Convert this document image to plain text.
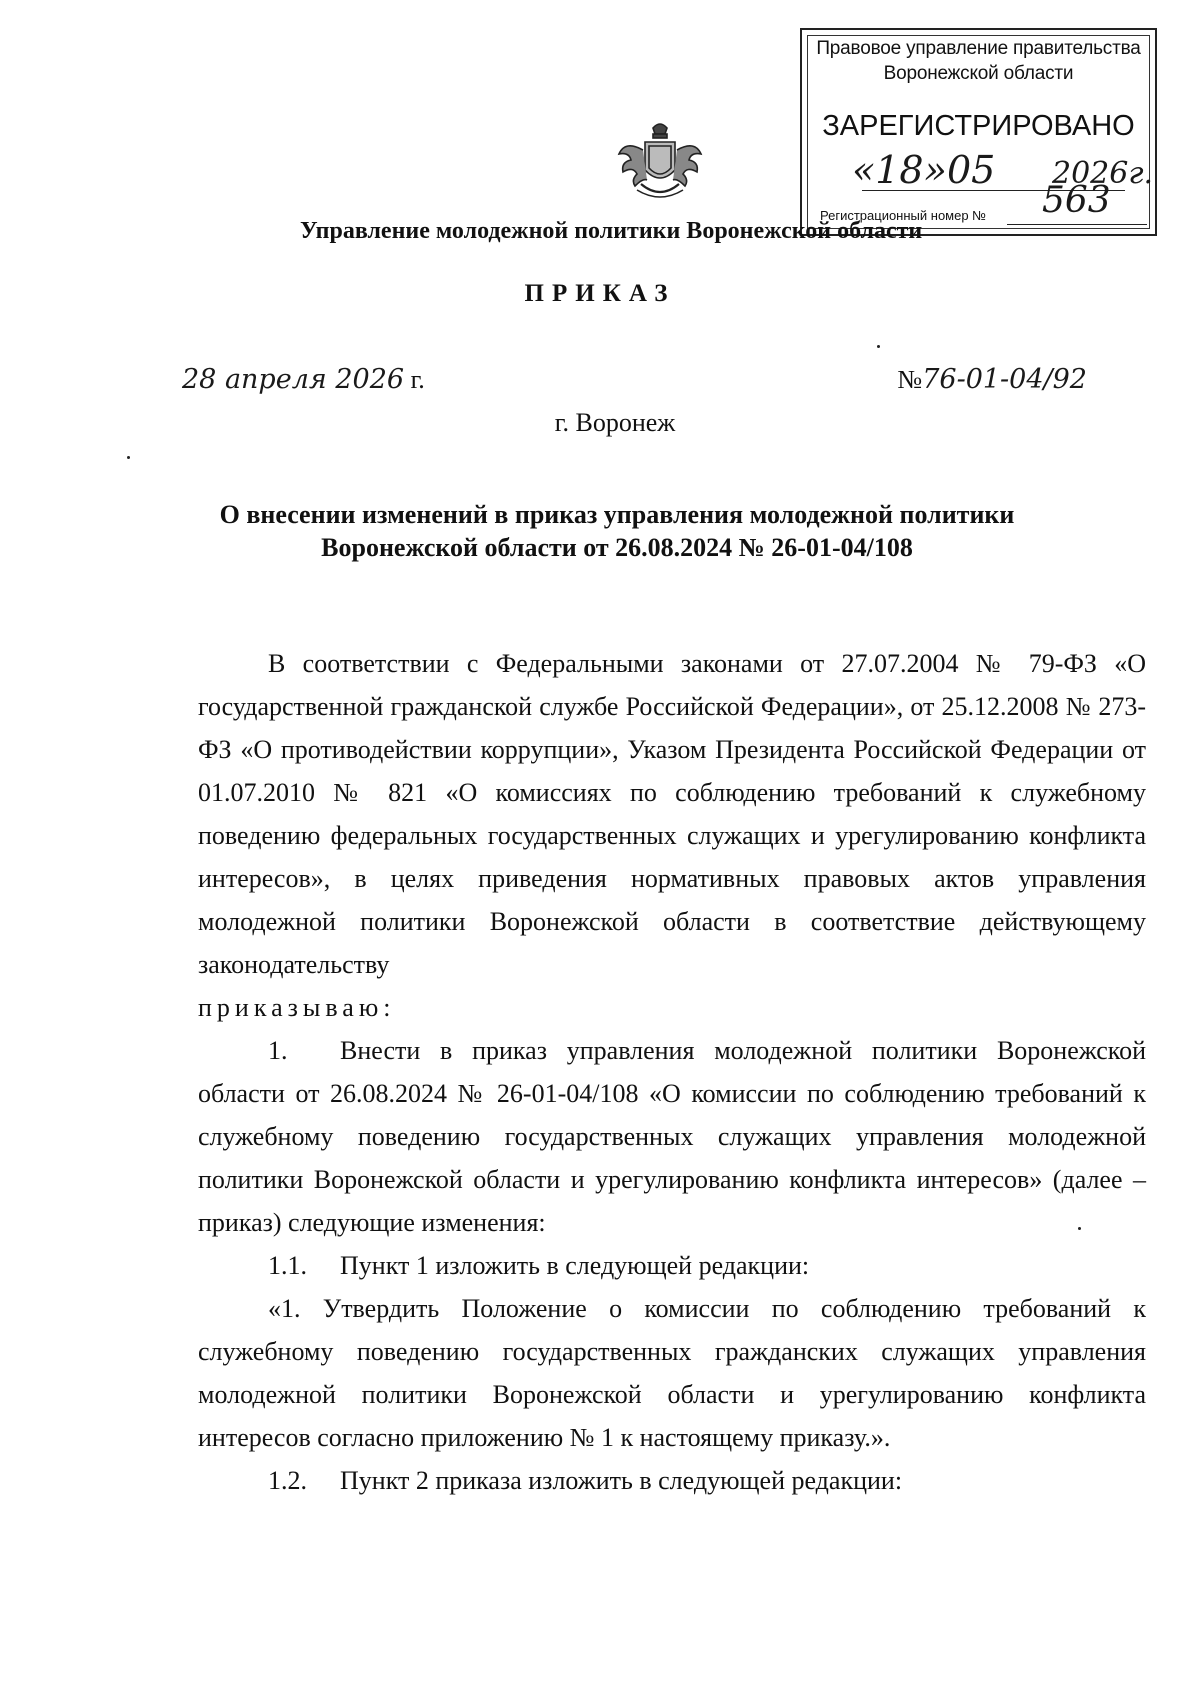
Правовое управление правительства
Воронежской области
ЗАРЕГИСТРИРОВАНО
«18» 05 2026г.
Регистрационный номер № 563
Управление молодежной политики Воронежской области
ПРИКАЗ
28 апреля 2026 г.	№76-01-04/92
г. Воронеж
О внесении изменений в приказ управления молодежной политики
Воронежской области от 26.08.2024 № 26-01-04/108

В соответствии с Федеральными законами от 27.07.2004 № 79-ФЗ «О государственной гражданской службе Российской Федерации», от 25.12.2008 № 273-ФЗ «О противодействии коррупции», Указом Президента Российской Федерации от 01.07.2010 № 821 «О комиссиях по соблюдению требований к служебному поведению федеральных государственных служащих и урегулированию конфликта интересов», в целях приведения нормативных правовых актов управления молодежной политики Воронежской области в соответствие действующему законодательству

приказываю:

1. Внести в приказ управления молодежной политики Воронежской области от 26.08.2024 № 26-01-04/108 «О комиссии по соблюдению требований к служебному поведению государственных служащих управления молодежной политики Воронежской области и урегулированию конфликта интересов» (далее – приказ) следующие изменения:

1.1. Пункт 1 изложить в следующей редакции:

«1. Утвердить Положение о комиссии по соблюдению требований к служебному поведению государственных гражданских служащих управления молодежной политики Воронежской области и урегулированию конфликта интересов согласно приложению № 1 к настоящему приказу.».

1.2. Пункт 2 приказа изложить в следующей редакции:
